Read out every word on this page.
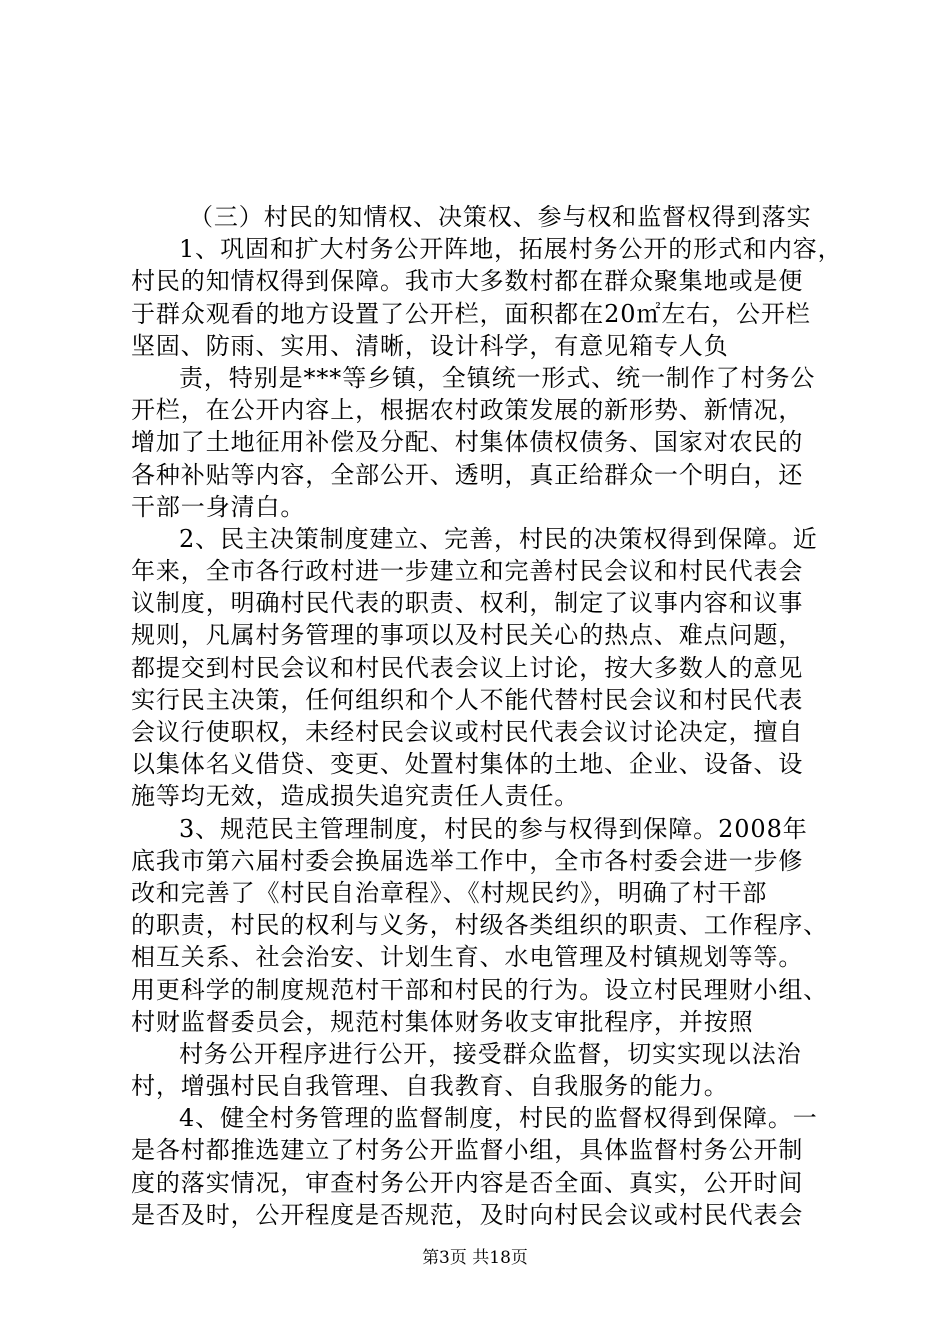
（三）村民的知情权、决策权、参与权和监督权得到落实
1、巩固和扩大村务公开阵地，拓展村务公开的形式和内容，
村民的知情权得到保障。我市大多数村都在群众聚集地或是便
于群众观看的地方设置了公开栏，面积都在20㎡左右，公开栏
坚固、防雨、实用、清晰，设计科学，有意见箱专人负
责，特别是***等乡镇，全镇统一形式、统一制作了村务公
开栏，在公开内容上，根据农村政策发展的新形势、新情况，
增加了土地征用补偿及分配、村集体债权债务、国家对农民的
各种补贴等内容，全部公开、透明，真正给群众一个明白，还
干部一身清白。
2、民主决策制度建立、完善，村民的决策权得到保障。近
年来，全市各行政村进一步建立和完善村民会议和村民代表会
议制度，明确村民代表的职责、权利，制定了议事内容和议事
规则，凡属村务管理的事项以及村民关心的热点、难点问题，
都提交到村民会议和村民代表会议上讨论，按大多数人的意见
实行民主决策，任何组织和个人不能代替村民会议和村民代表
会议行使职权，未经村民会议或村民代表会议讨论决定，擅自
以集体名义借贷、变更、处置村集体的土地、企业、设备、设
施等均无效，造成损失追究责任人责任。
3、规范民主管理制度，村民的参与权得到保障。2008年
底我市第六届村委会换届选举工作中，全市各村委会进一步修
改和完善了《村民自治章程》、《村规民约》，明确了村干部
的职责，村民的权利与义务，村级各类组织的职责、工作程序、
相互关系、社会治安、计划生育、水电管理及村镇规划等等。
用更科学的制度规范村干部和村民的行为。设立村民理财小组、
村财监督委员会，规范村集体财务收支审批程序，并按照
村务公开程序进行公开，接受群众监督，切实实现以法治
村，增强村民自我管理、自我教育、自我服务的能力。
4、健全村务管理的监督制度，村民的监督权得到保障。一
是各村都推选建立了村务公开监督小组，具体监督村务公开制
度的落实情况，审查村务公开内容是否全面、真实，公开时间
是否及时，公开程度是否规范，及时向村民会议或村民代表会
第3页 共18页
